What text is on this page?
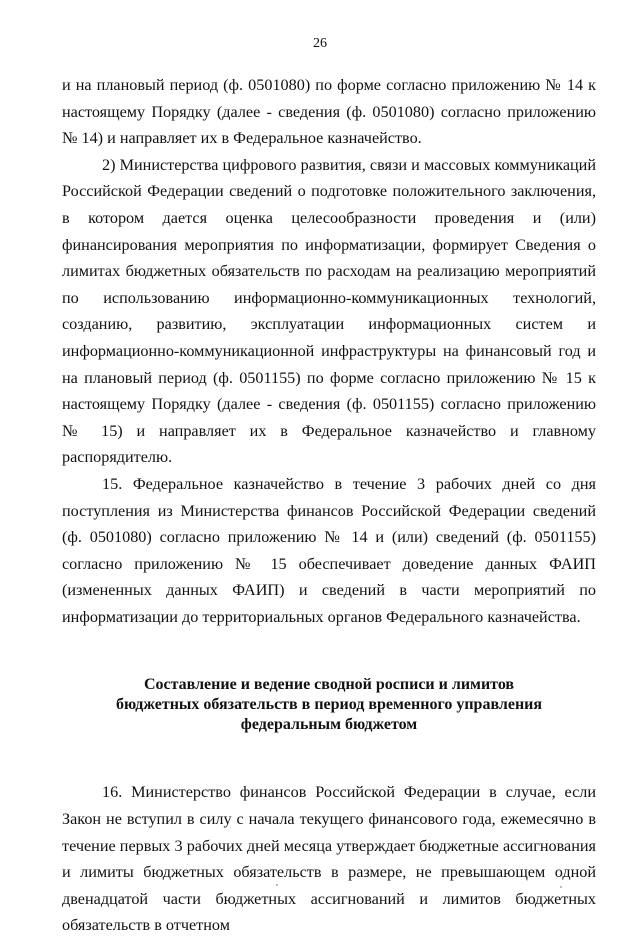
26

и на плановый период (ф. 0501080) по форме согласно приложению № 14 к настоящему Порядку (далее - сведения (ф. 0501080) согласно приложению № 14) и направляет их в Федеральное казначейство.

2) Министерства цифрового развития, связи и массовых коммуникаций Российской Федерации сведений о подготовке положительного заключения, в котором дается оценка целесообразности проведения и (или) финансирования мероприятия по информатизации, формирует Сведения о лимитах бюджетных обязательств по расходам на реализацию мероприятий по использованию информационно-коммуникационных технологий, созданию, развитию, эксплуатации информационных систем и информационно-коммуникационной инфраструктуры на финансовый год и на плановый период (ф. 0501155) по форме согласно приложению № 15 к настоящему Порядку (далее - сведения (ф. 0501155) согласно приложению № 15) и направляет их в Федеральное казначейство и главному распорядителю.

15. Федеральное казначейство в течение 3 рабочих дней со дня поступления из Министерства финансов Российской Федерации сведений (ф. 0501080) согласно приложению № 14 и (или) сведений (ф. 0501155) согласно приложению № 15 обеспечивает доведение данных ФАИП (измененных данных ФАИП) и сведений в части мероприятий по информатизации до территориальных органов Федерального казначейства.

Составление и ведение сводной росписи и лимитов
бюджетных обязательств в период временного управления
федеральным бюджетом

16. Министерство финансов Российской Федерации в случае, если Закон не вступил в силу с начала текущего финансового года, ежемесячно в течение первых 3 рабочих дней месяца утверждает бюджетные ассигнования и лимиты бюджетных обязательств в размере, не превышающем одной двенадцатой части бюджетных ассигнований и лимитов бюджетных обязательств в отчетном
